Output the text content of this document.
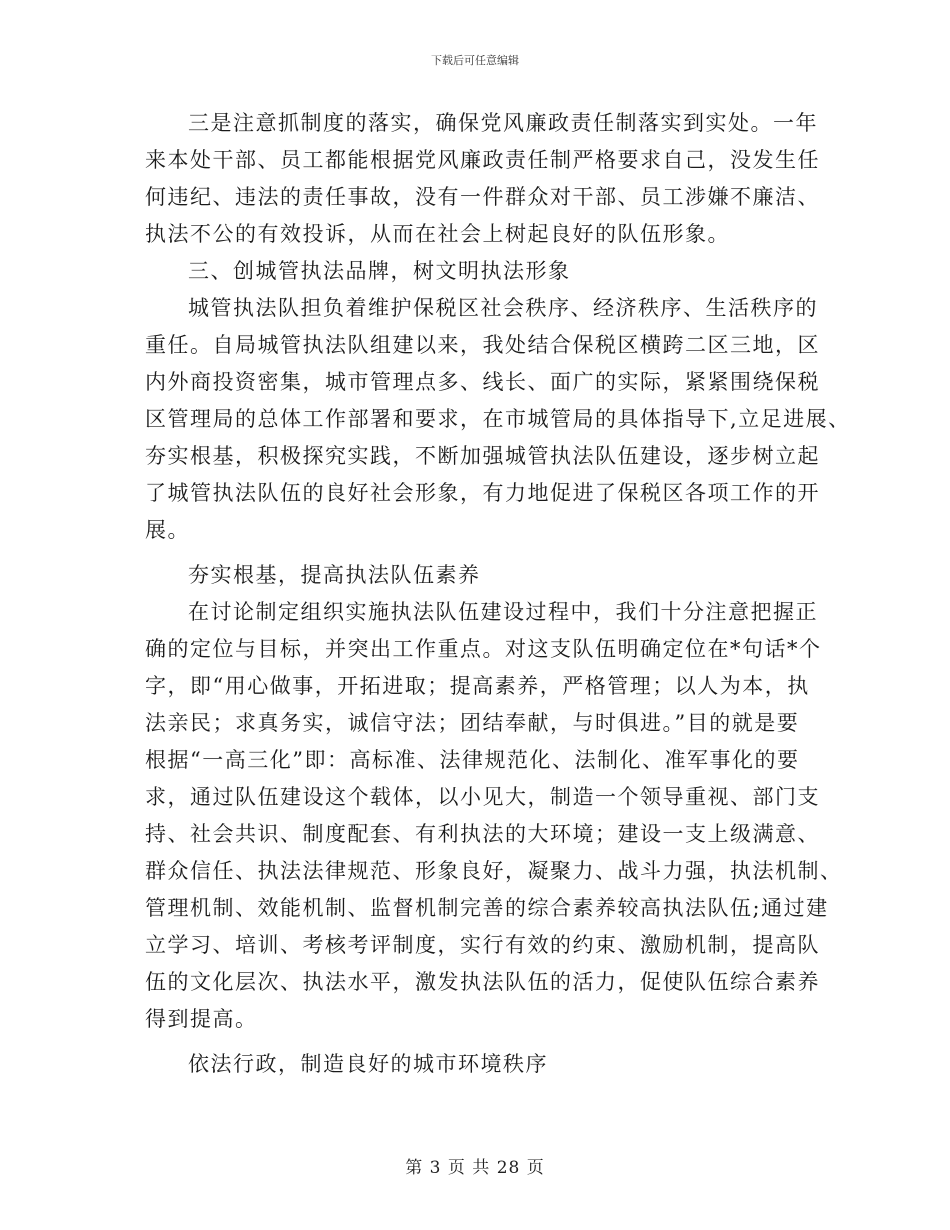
下载后可任意编辑
三是注意抓制度的落实，确保党风廉政责任制落实到实处。一年
来本处干部、员工都能根据党风廉政责任制严格要求自己，没发生任
何违纪、违法的责任事故，没有一件群众对干部、员工涉嫌不廉洁、
执法不公的有效投诉，从而在社会上树起良好的队伍形象。
三、创城管执法品牌，树文明执法形象
城管执法队担负着维护保税区社会秩序、经济秩序、生活秩序的
重任。自局城管执法队组建以来，我处结合保税区横跨二区三地，区
内外商投资密集，城市管理点多、线长、面广的实际，紧紧围绕保税
区管理局的总体工作部署和要求，在市城管局的具体指导下,立足进展、
夯实根基，积极探究实践，不断加强城管执法队伍建设，逐步树立起
了城管执法队伍的良好社会形象，有力地促进了保税区各项工作的开
展。
夯实根基，提高执法队伍素养
在讨论制定组织实施执法队伍建设过程中，我们十分注意把握正
确的定位与目标，并突出工作重点。对这支队伍明确定位在*句话*个
字，即“用心做事，开拓进取；提高素养，严格管理；以人为本，执
法亲民；求真务实，诚信守法；团结奉献，与时俱进。”目的就是要
根据“一高三化”即：高标准、法律规范化、法制化、准军事化的要
求，通过队伍建设这个载体，以小见大，制造一个领导重视、部门支
持、社会共识、制度配套、有利执法的大环境；建设一支上级满意、
群众信任、执法法律规范、形象良好，凝聚力、战斗力强，执法机制、
管理机制、效能机制、监督机制完善的综合素养较高执法队伍;通过建
立学习、培训、考核考评制度，实行有效的约束、激励机制，提高队
伍的文化层次、执法水平，激发执法队伍的活力，促使队伍综合素养
得到提高。
依法行政，制造良好的城市环境秩序
第 3 页 共 28 页
